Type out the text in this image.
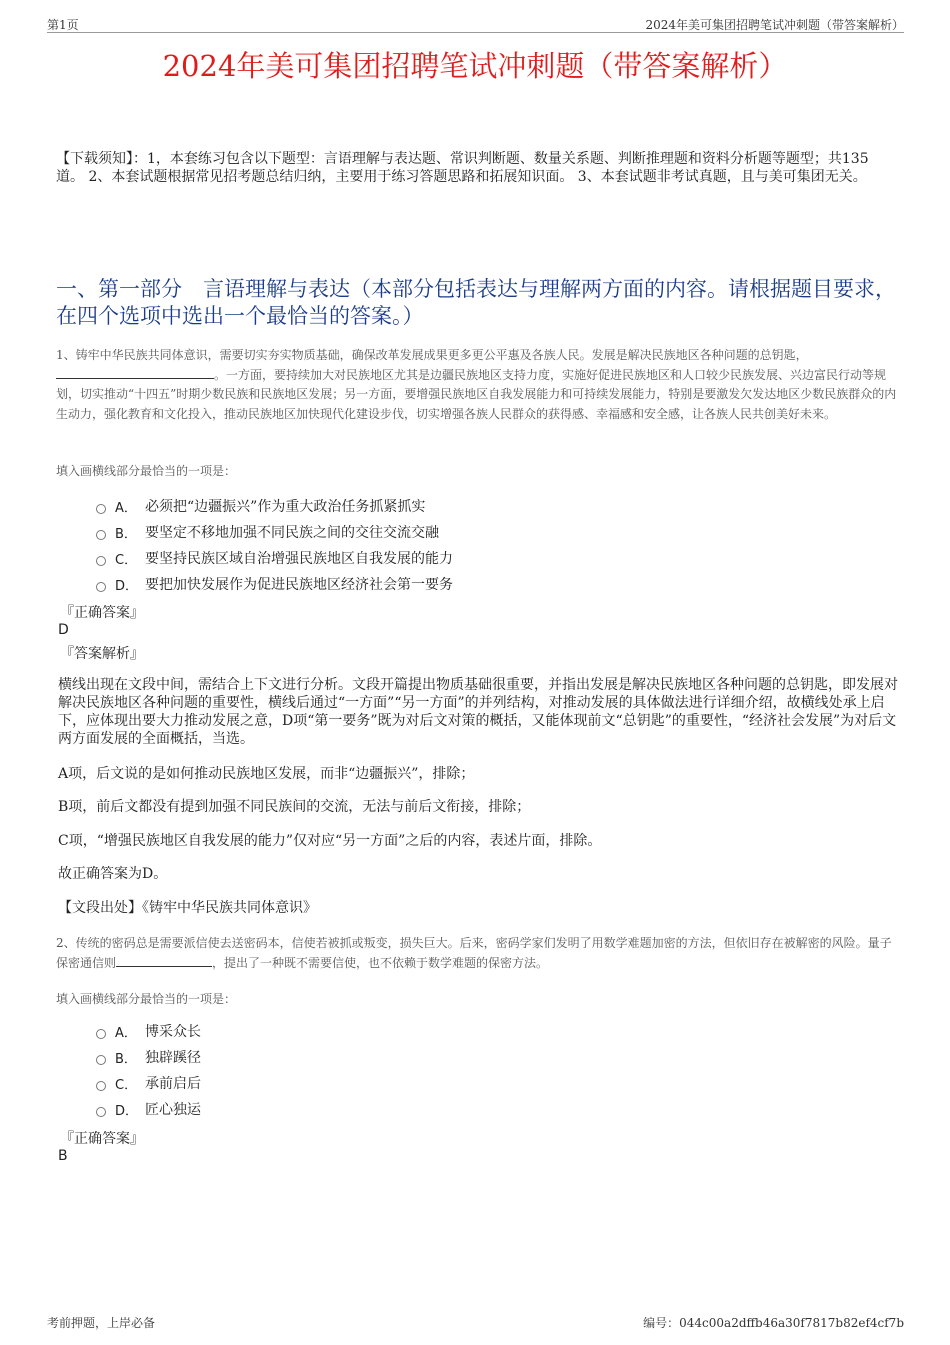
第1页	2024年美可集团招聘笔试冲刺题（带答案解析）
2024年美可集团招聘笔试冲刺题（带答案解析）

【下载须知】：1，本套练习包含以下题型：言语理解与表达题、常识判断题、数量关系题、判断推理题和资料分析题等题型；共135道。 2、本套试题根据常见招考题总结归纳，主要用于练习答题思路和拓展知识面。 3、本套试题非考试真题，且与美可集团无关。

一、第一部分　言语理解与表达（本部分包括表达与理解两方面的内容。请根据题目要求，在四个选项中选出一个最恰当的答案。）

1、铸牢中华民族共同体意识，需要切实夯实物质基础，确保改革发展成果更多更公平惠及各族人民。发展是解决民族地区各种问题的总钥匙，。一方面，要持续加大对民族地区尤其是边疆民族地区支持力度，实施好促进民族地区和人口较少民族发展、兴边富民行动等规划，切实推动“十四五”时期少数民族和民族地区发展；另一方面，要增强民族地区自我发展能力和可持续发展能力，特别是要激发欠发达地区少数民族群众的内生动力，强化教育和文化投入，推动民族地区加快现代化建设步伐，切实增强各族人民群众的获得感、幸福感和安全感，让各族人民共创美好未来。

填入画横线部分最恰当的一项是：

A． 必须把“边疆振兴”作为重大政治任务抓紧抓实
B． 要坚定不移地加强不同民族之间的交往交流交融
C． 要坚持民族区域自治增强民族地区自我发展的能力
D． 要把加快发展作为促进民族地区经济社会第一要务

『正确答案』

D

『答案解析』

横线出现在文段中间，需结合上下文进行分析。文段开篇提出物质基础很重要，并指出发展是解决民族地区各种问题的总钥匙，即发展对解决民族地区各种问题的重要性，横线后通过“一方面”“另一方面”的并列结构，对推动发展的具体做法进行详细介绍，故横线处承上启下，应体现出要大力推动发展之意，D项“第一要务”既为对后文对策的概括，又能体现前文“总钥匙”的重要性，“经济社会发展”为对后文两方面发展的全面概括，当选。

A项，后文说的是如何推动民族地区发展，而非“边疆振兴”，排除；

B项，前后文都没有提到加强不同民族间的交流，无法与前后文衔接，排除；

C项，“增强民族地区自我发展的能力”仅对应“另一方面”之后的内容，表述片面，排除。

故正确答案为D。

【文段出处】《铸牢中华民族共同体意识》

2、传统的密码总是需要派信使去送密码本，信使若被抓或叛变，损失巨大。后来，密码学家们发明了用数学难题加密的方法，但依旧存在被解密的风险。量子保密通信则	，提出了一种既不需要信使，也不依赖于数学难题的保密方法。

填入画横线部分最恰当的一项是：

A． 博采众长
B． 独辟蹊径
C． 承前启后
D． 匠心独运

『正确答案』

B

考前押题，上岸必备	编号：044c00a2dffb46a30f7817b82ef4cf7b
